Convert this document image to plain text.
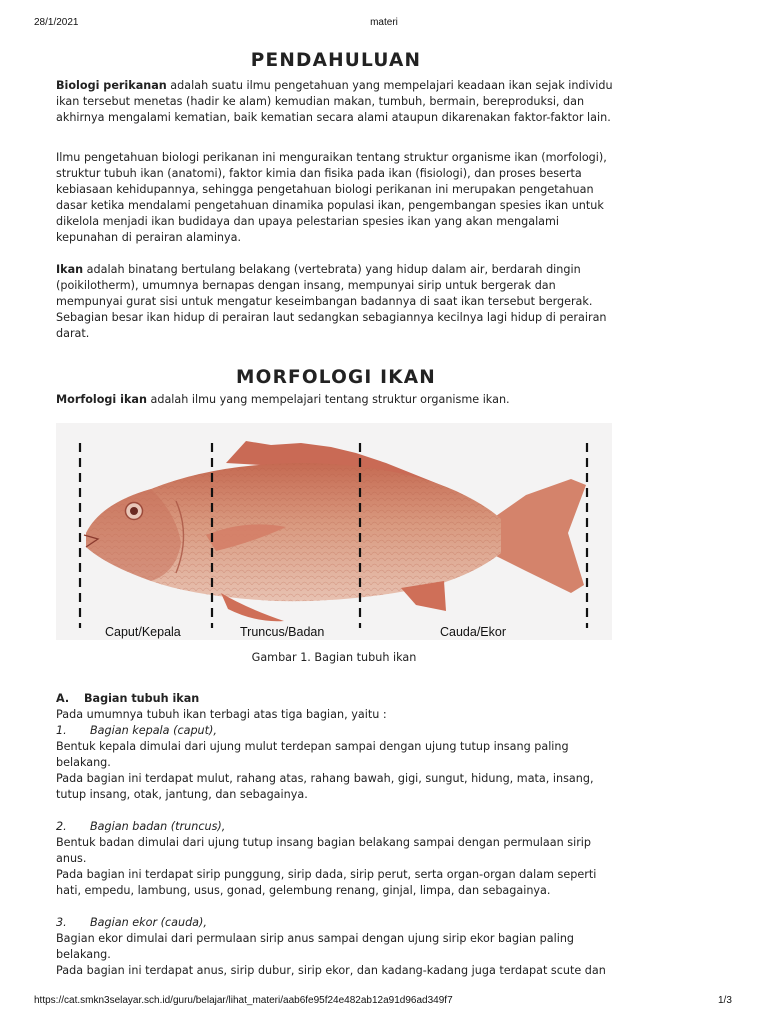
28/1/2021	materi
PENDAHULUAN

Biologi perikanan adalah suatu ilmu pengetahuan yang mempelajari keadaan ikan sejak individu ikan tersebut menetas (hadir ke alam) kemudian makan, tumbuh, bermain, bereproduksi, dan akhirnya mengalami kematian, baik kematian secara alami ataupun dikarenakan faktor-faktor lain.

Ilmu pengetahuan biologi perikanan ini menguraikan tentang struktur organisme ikan (morfologi), struktur tubuh ikan (anatomi), faktor kimia dan fisika pada ikan (fisiologi), dan proses beserta kebiasaan kehidupannya, sehingga pengetahuan biologi perikanan ini merupakan pengetahuan dasar ketika mendalami pengetahuan dinamika populasi ikan, pengembangan spesies ikan untuk dikelola menjadi ikan budidaya dan upaya pelestarian spesies ikan yang akan mengalami kepunahan di perairan alaminya.

Ikan adalah binatang bertulang belakang (vertebrata) yang hidup dalam air, berdarah dingin (poikilotherm), umumnya bernapas dengan insang, mempunyai sirip untuk bergerak dan mempunyai gurat sisi untuk mengatur keseimbangan badannya di saat ikan tersebut bergerak. Sebagian besar ikan hidup di perairan laut sedangkan sebagiannya kecilnya lagi hidup di perairan darat.

MORFOLOGI IKAN

Morfologi ikan adalah ilmu yang mempelajari tentang struktur organisme ikan.

Caput/Kepala	Truncus/Badan	Cauda/Ekor
Gambar 1. Bagian tubuh ikan

A. Bagian tubuh ikan

Pada umumnya tubuh ikan terbagi atas tiga bagian, yaitu :

1. Bagian kepala (caput),

Bentuk kepala dimulai dari ujung mulut terdepan sampai dengan ujung tutup insang paling belakang.

Pada bagian ini terdapat mulut, rahang atas, rahang bawah, gigi, sungut, hidung, mata, insang, tutup insang, otak, jantung, dan sebagainya.

2. Bagian badan (truncus),

Bentuk badan dimulai dari ujung tutup insang bagian belakang sampai dengan permulaan sirip anus.

Pada bagian ini terdapat sirip punggung, sirip dada, sirip perut, serta organ-organ dalam seperti hati, empedu, lambung, usus, gonad, gelembung renang, ginjal, limpa, dan sebagainya.

3. Bagian ekor (cauda),

Bagian ekor dimulai dari permulaan sirip anus sampai dengan ujung sirip ekor bagian paling belakang.

Pada bagian ini terdapat anus, sirip dubur, sirip ekor, dan kadang-kadang juga terdapat scute dan

https://cat.smkn3selayar.sch.id/guru/belajar/lihat_materi/aab6fe95f24e482ab12a91d96ad349f7	1/3
